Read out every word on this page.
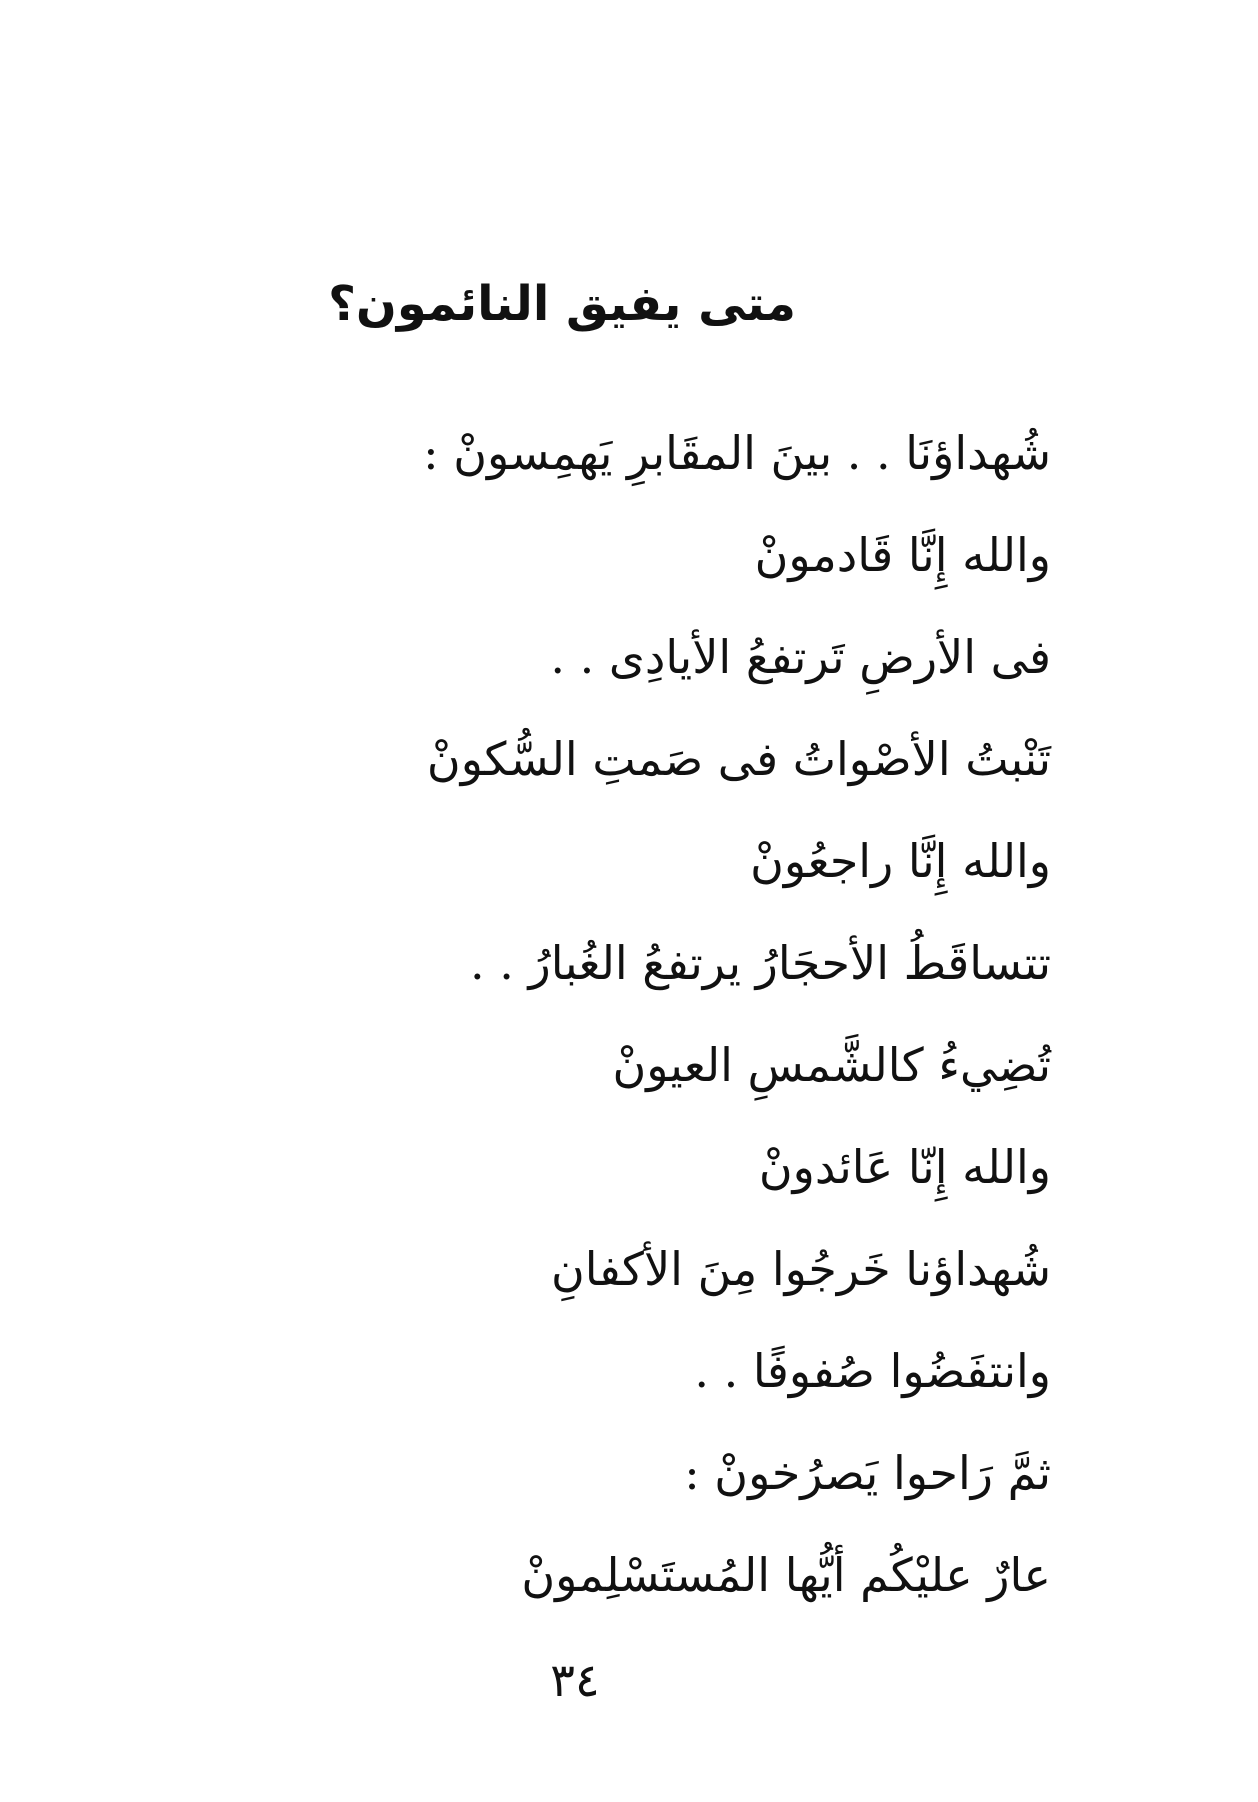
متى يفيق النائمون؟
شُهداؤنَا . . بينَ المقَابرِ يَهمِسونْ :
والله إِنَّا قَادمونْ
فى الأرضِ تَرتفعُ الأيادِى . .
تَنْبتُ الأصْواتُ فى صَمتِ السُّكونْ
والله إِنَّا راجعُونْ
تتساقَطُ الأحجَارُ يرتفعُ الغُبارُ . .
تُضِيءُ كالشَّمسِ العيونْ
والله إِنّا عَائدونْ
شُهداؤنا خَرجُوا مِنَ الأكفانِ
وانتفَضُوا صُفوفًا . .
ثمَّ رَاحوا يَصرُخونْ :
عارٌ عليْكُم أيُّها المُستَسْلِمونْ
٣٤
